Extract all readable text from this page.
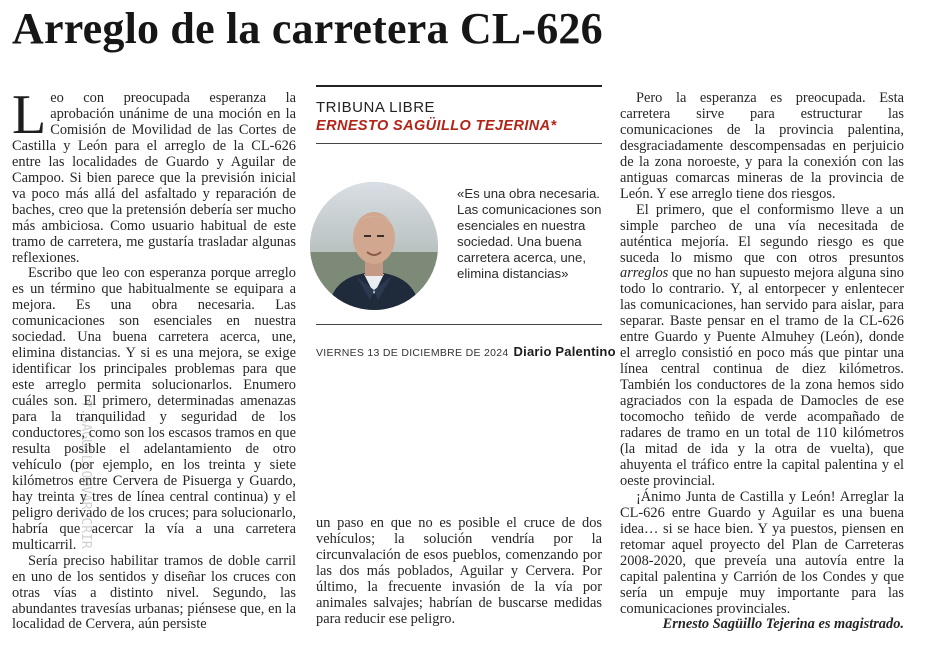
Arreglo de la carretera CL-626

Leo con preocupada esperanza la aprobación unánime de una moción en la Comisión de Movilidad de las Cortes de Castilla y León para el arreglo de la CL-626 entre las localidades de Guardo y Aguilar de Campoo. Si bien parece que la previsión inicial va poco más allá del asfaltado y reparación de baches, creo que la pretensión debería ser mucho más ambiciosa. Como usuario habitual de este tramo de carretera, me gustaría trasladar algunas reflexiones.

Escribo que leo con esperanza porque arreglo es un término que habitualmente se equipara a mejora. Es una obra necesaria. Las comunicaciones son esenciales en nuestra sociedad. Una buena carretera acerca, une, elimina distancias. Y si es una mejora, se exige identificar los principales problemas para que este arreglo permita solucionarlos. Enumero cuáles son. El primero, determinadas amenazas para la tranquilidad y seguridad de los conductores, como son los escasos tramos en que resulta posible el adelantamiento de otro vehículo (por ejemplo, en los treinta y siete kilómetros entre Cervera de Pisuerga y Guardo, hay treinta y tres de línea central continua) y el peligro derivado de los cruces; para solucionarlo, habría que acercar la vía a una carretera multicarril.

Sería preciso habilitar tramos de doble carril en uno de los sentidos y diseñar los cruces con otras vías a distinto nivel. Segundo, las abundantes travesías urbanas; piénsese que, en la localidad de Cervera, aún persiste

TRIBUNA LIBRE
ERNESTO SAGÜILLO TEJERINA*
«Es una obra necesaria. Las comunicaciones son esenciales en nuestra sociedad. Una buena carretera acerca, une, elimina distancias»
VIERNES 13 DE DICIEMBRE DE 2024 Diario Palentino

un paso en que no es posible el cruce de dos vehículos; la solución vendría por la circunvalación de esos pueblos, comenzando por las dos más poblados, Aguilar y Cervera. Por último, la frecuente invasión de la vía por animales salvajes; habrían de buscarse medidas para reducir ese peligro.

Pero la esperanza es preocupada. Esta carretera sirve para estructurar las comunicaciones de la provincia palentina, desgraciadamente descompensadas en perjuicio de la zona noroeste, y para la conexión con las antiguas comarcas mineras de la provincia de León. Y ese arreglo tiene dos riesgos.

El primero, que el conformismo lleve a un simple parcheo de una vía necesitada de auténtica mejoría. El segundo riesgo es que suceda lo mismo que con otros presuntos arreglos que no han supuesto mejora alguna sino todo lo contrario. Y, al entorpecer y enlentecer las comunicaciones, han servido para aislar, para separar. Baste pensar en el tramo de la CL-626 entre Guardo y Puente Almuhey (León), donde el arreglo consistió en poco más que pintar una línea central continua de diez kilómetros. También los conductores de la zona hemos sido agraciados con la espada de Damocles de ese tocomocho teñido de verde acompañado de radares de tramo en un total de 110 kilómetros (la mitad de ida y la otra de vuelta), que ahuyenta el tráfico entre la capital palentina y el oeste provincial.

¡Ánimo Junta de Castilla y León! Arreglar la CL-626 entre Guardo y Aguilar es una buena idea… si se hace bien. Y ya puestos, piensen en retomar aquel proyecto del Plan de Carreteras 2008-2020, que preveía una autovía entre la capital palentina y Carrión de los Condes y que sería un empuje muy importante para las comunicaciones provinciales.

Ernesto Sagüillo Tejerina es magistrado.

Y.SAGUILLO@VAR.CRIR
